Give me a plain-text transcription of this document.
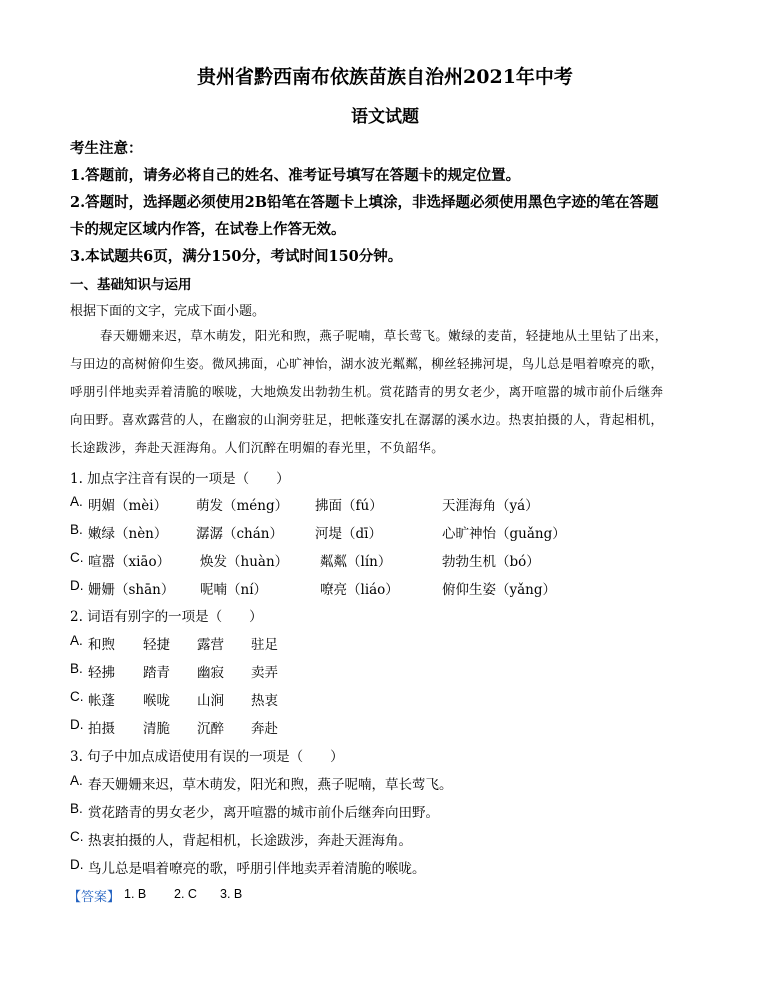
贵州省黔西南布依族苗族自治州2021年中考
语文试题
考生注意：
1.答题前，请务必将自己的姓名、准考证号填写在答题卡的规定位置。
2.答题时，选择题必须使用2B铅笔在答题卡上填涂，非选择题必须使用黑色字迹的笔在答题
卡的规定区域内作答，在试卷上作答无效。
3.本试题共6页，满分150分，考试时间150分钟。
一、基础知识与运用
根据下面的文字，完成下面小题。
春天姗姗来迟，草木萌发，阳光和煦，燕子呢喃，草长莺飞。嫩绿的麦苗，轻捷地从土里钻了出来，
与田边的高树俯仰生姿。微风拂面，心旷神怡，湖水波光粼粼，柳丝轻拂河堤，鸟儿总是唱着嘹亮的歌，
呼朋引伴地卖弄着清脆的喉咙，大地焕发出勃勃生机。赏花踏青的男女老少，离开喧嚣的城市前仆后继奔
向田野。喜欢露营的人，在幽寂的山涧旁驻足，把帐蓬安扎在潺潺的溪水边。热衷拍摄的人，背起相机，
长途跋涉，奔赴天涯海角。人们沉醉在明媚的春光里，不负韶华。
1. 加点字注音有误的一项是（　　）
A. 明媚（mèi） 萌发（méng） 拂面（fú）	天涯海角（yá）
B. 嫩绿（nèn） 潺潺（chán） 河堤（dī）	心旷神怡（guǎng）
C. 喧嚣（xiāo） 焕发（huàn） 粼粼（lín）	勃勃生机（bó）
D. 姗姗（shān） 呢喃（ní）	嘹亮（liáo）	俯仰生姿（yǎng）
2. 词语有别字的一项是（　　）
A. 和煦 轻捷 露营 驻足
B. 轻拂 踏青 幽寂 卖弄
C. 帐蓬 喉咙 山涧 热衷
D. 拍摄 清脆 沉醉 奔赴
3. 句子中加点成语使用有误的一项是（　　）
A. 春天姗姗来迟，草木萌发，阳光和煦，燕子呢喃，草长莺飞。
B. 赏花踏青的男女老少，离开喧嚣的城市前仆后继奔向田野。
C. 热衷拍摄的人，背起相机，长途跋涉，奔赴天涯海角。
D. 鸟儿总是唱着嘹亮的歌，呼朋引伴地卖弄着清脆的喉咙。
【答案】 1. B 2. C 3. B
